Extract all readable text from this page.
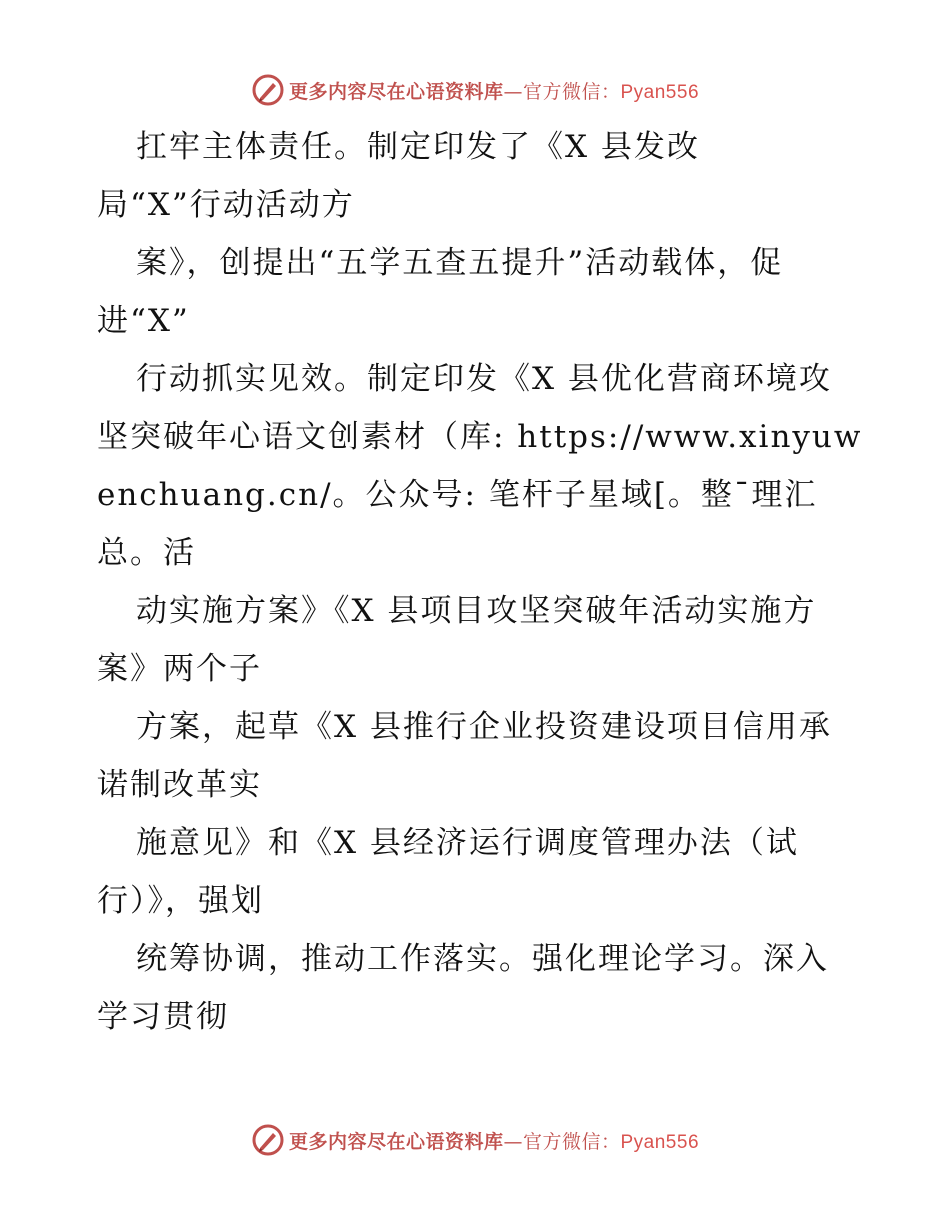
更多内容尽在心语资料库—官方微信：Pyan556
扛牢主体责任。制定印发了《X 县发改
局“X”行动活动方
案》，创提出“五学五查五提升”活动载体，促
进“X”
行动抓实见效。制定印发《X 县优化营商环境攻
坚突破年心语文创素材（库: https://www.xinyuw
enchuang.cn/。公众号: 笔杆子星域[。整¯理汇
总。活
动实施方案》《X 县项目攻坚突破年活动实施方
案》两个子
方案，起草《X 县推行企业投资建设项目信用承
诺制改革实
施意见》和《X 县经济运行调度管理办法（试
行）》，强划
统筹协调，推动工作落实。强化理论学习。深入
学习贯彻
更多内容尽在心语资料库—官方微信：Pyan556
